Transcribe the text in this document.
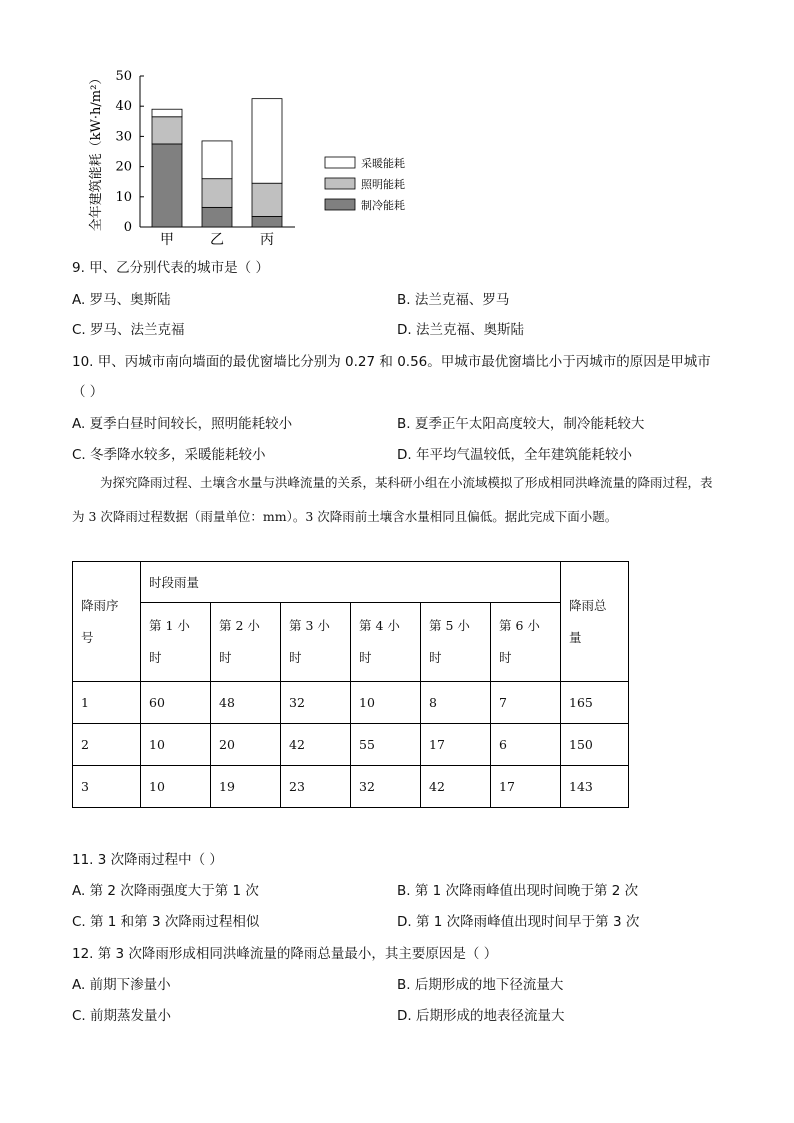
0
10
20
30
40
50
全年建筑能耗（kW·h/m²）
甲	乙	丙
采暖能耗
照明能耗
制冷能耗
9. 甲、乙分别代表的城市是（ ）
A. 罗马、奥斯陆	B. 法兰克福、罗马
C. 罗马、法兰克福	D. 法兰克福、奥斯陆
10. 甲、丙城市南向墙面的最优窗墙比分别为 0.27 和 0.56。甲城市最优窗墙比小于丙城市的原因是甲城市
（ ）
A. 夏季白昼时间较长，照明能耗较小	B. 夏季正午太阳高度较大，制冷能耗较大
C. 冬季降水较多，采暖能耗较小	D. 年平均气温较低，全年建筑能耗较小
为探究降雨过程、土壤含水量与洪峰流量的关系，某科研小组在小流域模拟了形成相同洪峰流量的降雨过程，表为 3 次降雨过程数据（雨量单位：mm）。3 次降雨前土壤含水量相同且偏低。据此完成下面小题。
降雨序
号	时段雨量						降雨总
量

	第 1 小
时	第 2 小
时	第 3 小
时	第 4 小
时	第 5 小
时	第 6 小
时	

1	60	48	32	10	8	7	165
2	10	20	42	55	17	6	150
3	10	19	23	32	42	17	143
11. 3 次降雨过程中（ ）
A. 第 2 次降雨强度大于第 1 次	B. 第 1 次降雨峰值出现时间晚于第 2 次
C. 第 1 和第 3 次降雨过程相似	D. 第 1 次降雨峰值出现时间早于第 3 次
12. 第 3 次降雨形成相同洪峰流量的降雨总量最小，其主要原因是（ ）
A. 前期下渗量小	B. 后期形成的地下径流量大
C. 前期蒸发量小	D. 后期形成的地表径流量大
